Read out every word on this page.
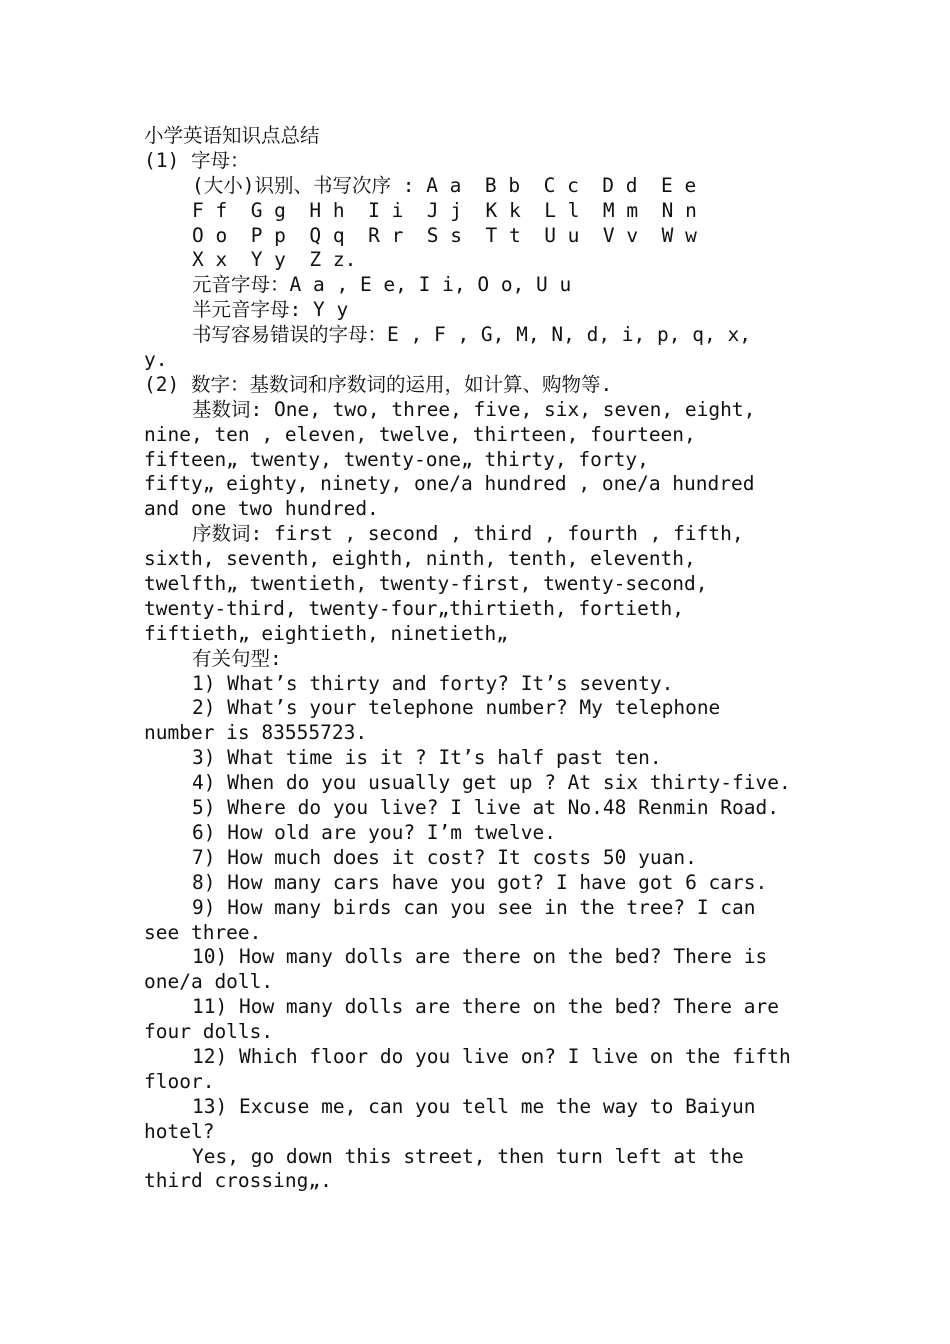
小学英语知识点总结
(1) 字母：
(大小)识别、书写次序 : A a  B b  C c  D d  E e
F f  G g  H h  I i  J j  K k  L l  M m  N n
O o  P p  Q q  R r  S s  T t  U u  V v  W w
X x  Y y  Z z.
元音字母：A a , E e, I i, O o, U u
半元音字母: Y y
书写容易错误的字母：E , F , G, M, N, d, i, p, q, x,
y.
(2) 数字：基数词和序数词的运用，如计算、购物等.
基数词: One, two, three, five, six, seven, eight,
nine, ten , eleven, twelve, thirteen, fourteen,
fifteen„ twenty, twenty-one„ thirty, forty,
fifty„ eighty, ninety, one/a hundred , one/a hundred
and one two hundred.
序数词: first , second , third , fourth , fifth,
sixth, seventh, eighth, ninth, tenth, eleventh,
twelfth„ twentieth, twenty-first, twenty-second,
twenty-third, twenty-four„thirtieth, fortieth,
fiftieth„ eightieth, ninetieth„
有关句型:
1) What’s thirty and forty? It’s seventy.
2) What’s your telephone number? My telephone
number is 83555723.
3) What time is it ? It’s half past ten.
4) When do you usually get up ? At six thirty-five.
5) Where do you live? I live at No.48 Renmin Road.
6) How old are you? I’m twelve.
7) How much does it cost? It costs 50 yuan.
8) How many cars have you got? I have got 6 cars.
9) How many birds can you see in the tree? I can
see three.
10) How many dolls are there on the bed? There is
one/a doll.
11) How many dolls are there on the bed? There are
four dolls.
12) Which floor do you live on? I live on the fifth
floor.
13) Excuse me, can you tell me the way to Baiyun
hotel?
Yes, go down this street, then turn left at the
third crossing„.
